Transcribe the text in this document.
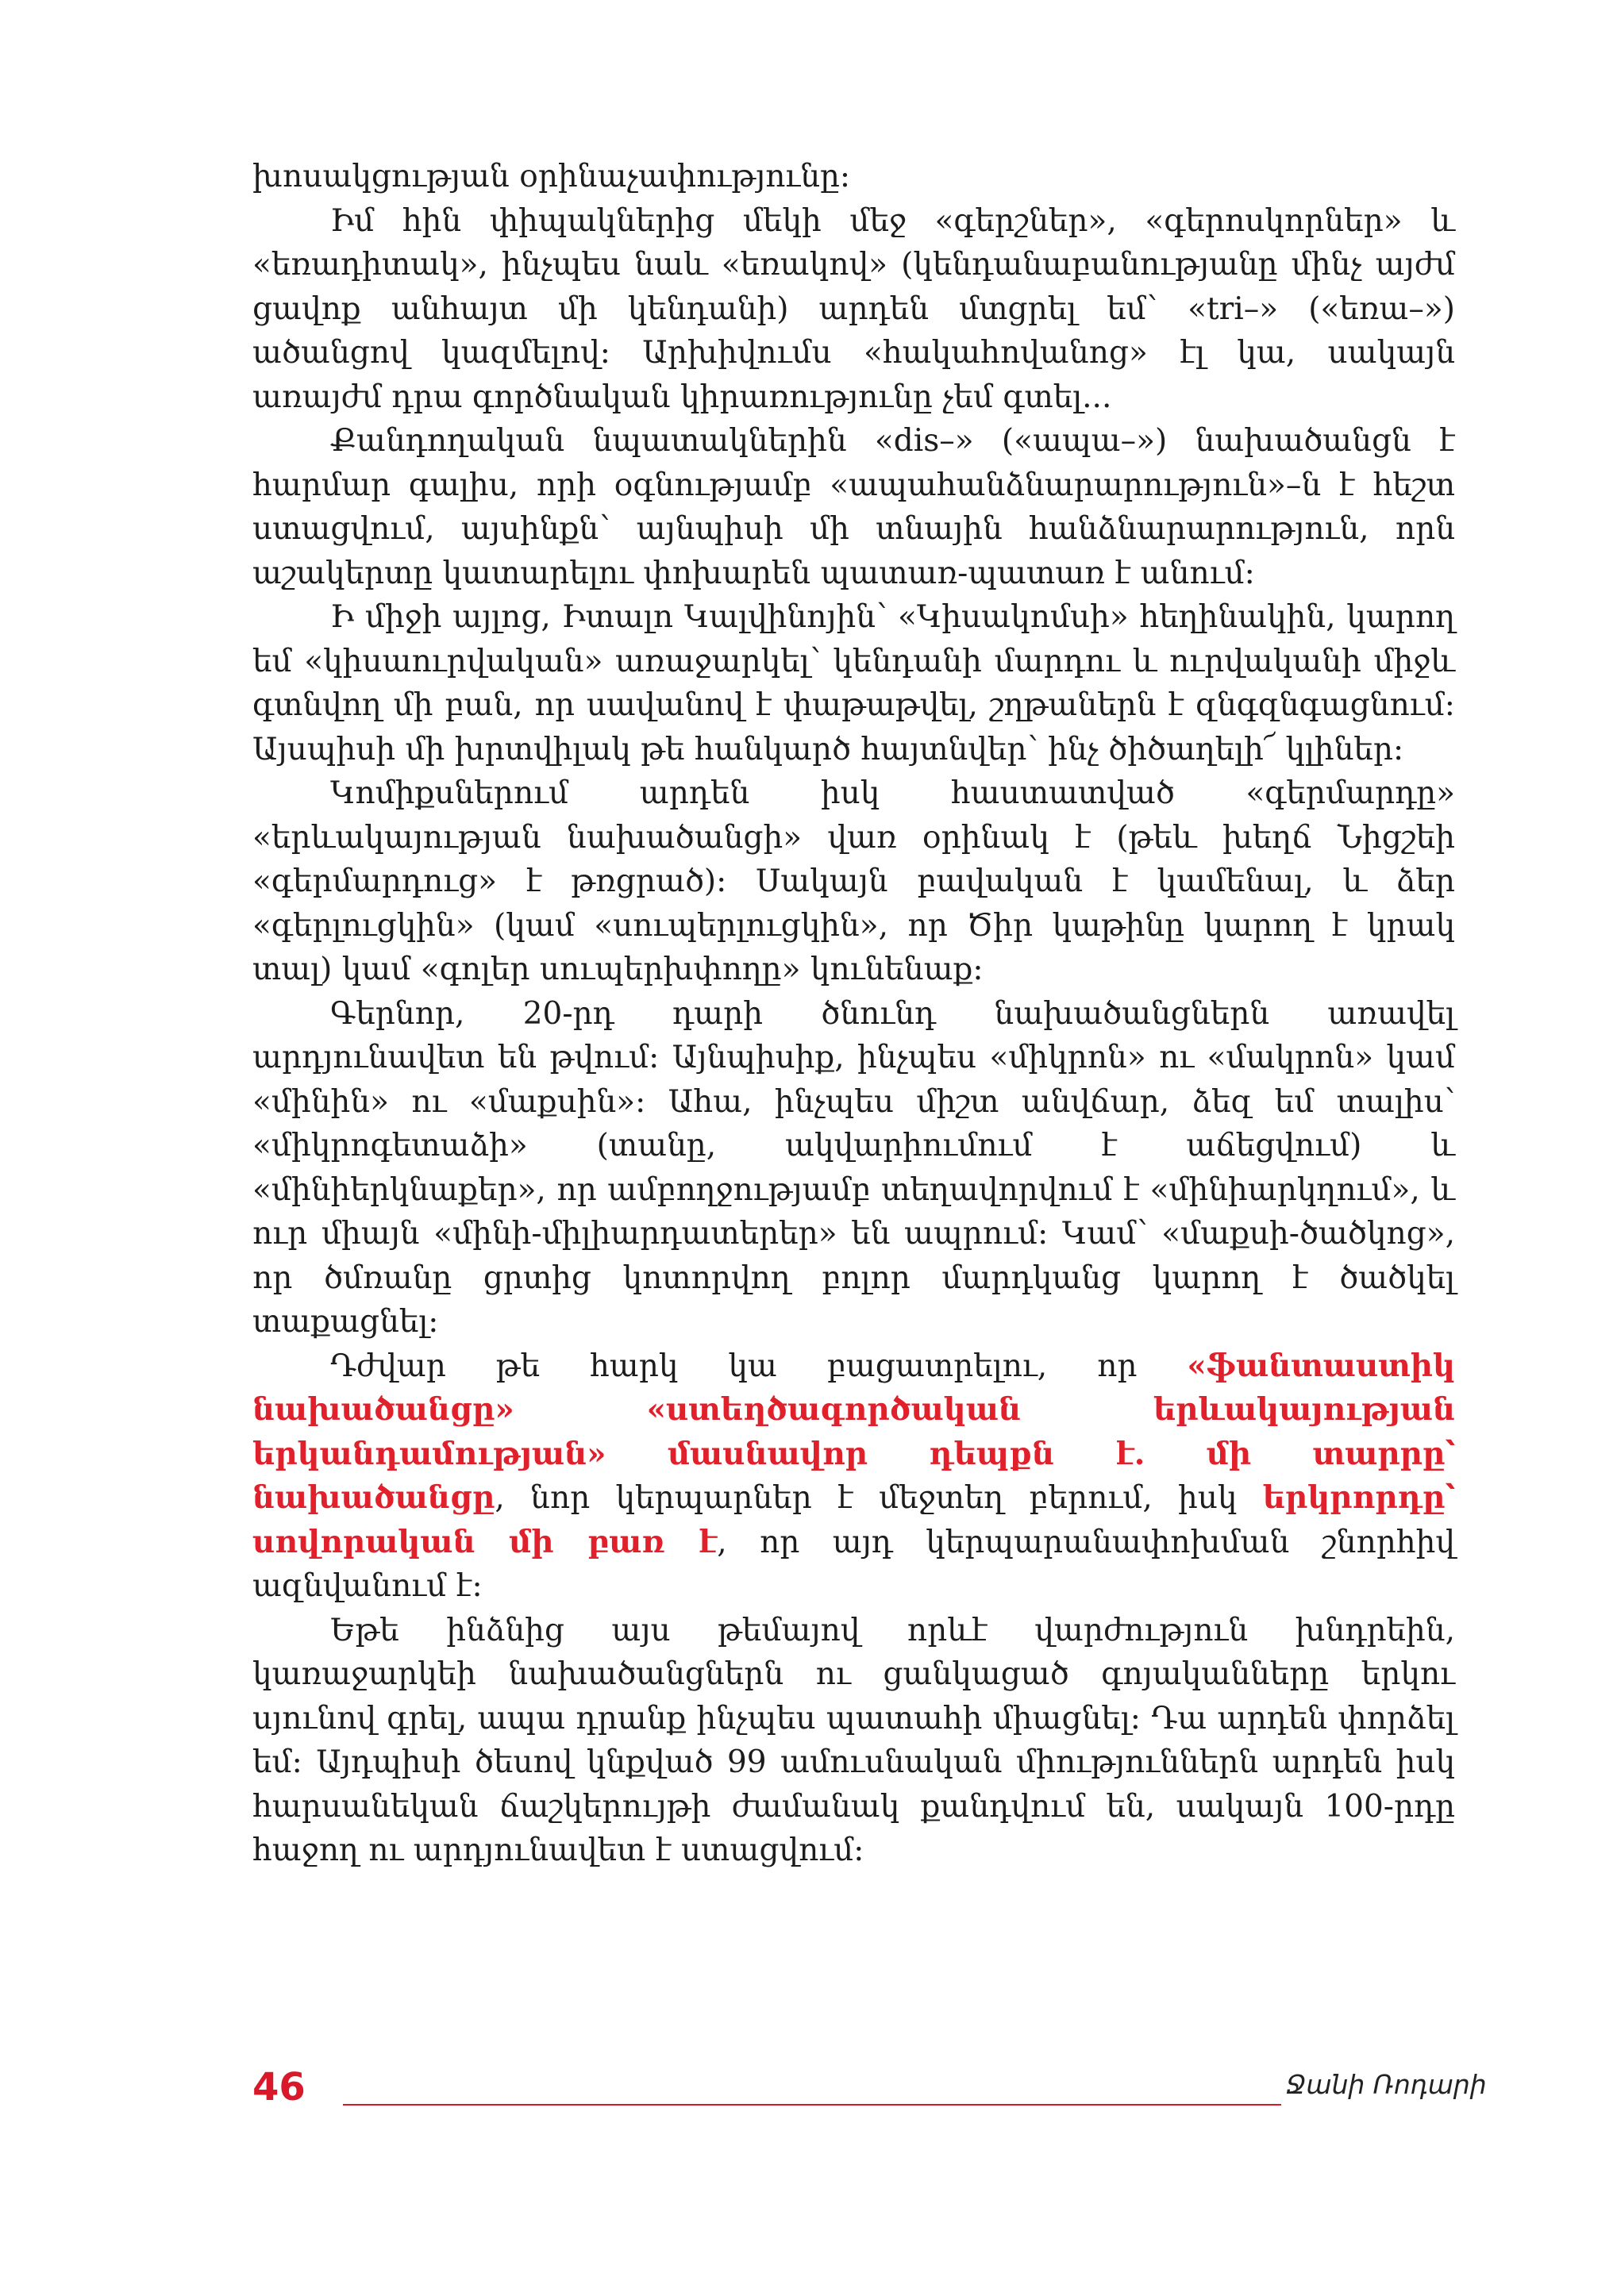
խոսակցության օրինաչափությունը։

Իմ հին փիպակներից մեկի մեջ «գերշներ», «գերոսկորներ» և «եռադիտակ», ինչպես նաև «եռակով» (կենդանաբանությանը մինչ այժմ ցավոք անհայտ մի կենդանի) արդեն մտցրել եմ՝ «tri–» («եռա–») ածանցով կազմելով։ Արխիվումս «հակահովանոց» էլ կա, սակայն առայժմ դրա գործնական կիրառությունը չեմ գտել...

Քանդողական նպատակներին «dis–» («ապա–») նախածանցն է հարմար գալիս, որի օգնությամբ «ապահանձնարարություն»–ն է հեշտ ստացվում, այսինքն՝ այնպիսի մի տնային հանձնարարություն, որն աշակերտը կատարելու փոխարեն պատառ-պատառ է անում։

Ի միջի այլոց, Իտալո Կալվինոյին՝ «Կիսակոմսի» հեղինակին, կարող եմ «կիսաուրվական» առաջարկել՝ կենդանի մարդու և ուրվականի միջև գտնվող մի բան, որ սավանով է փաթաթվել, շղթաներն է զնգզնգացնում։ Այսպիսի մի խրտվիլակ թե հանկարծ հայտնվեր՝ ինչ ծիծաղելի՜ կլիներ։

Կոմիքսներում արդեն իսկ հաստատված «գերմարդը» «երևակայության նախածանցի» վառ օրինակ է (թեև խեղճ Նիցշեի «գերմարդուց» է թռցրած)։ Սակայն բավական է կամենալ, և ձեր «գերլուցկին» (կամ «սուպերլուցկին», որ Ծիր կաթինը կարող է կրակ տալ) կամ «գոլեր սուպերխփողը» կունենաք։

Գերնոր, 20-րդ դարի ծնունդ նախածանցներն առավել արդյունավետ են թվում։ Այնպիսիք, ինչպես «միկրոն» ու «մակրոն» կամ «մինին» ու «մաքսին»։ Ահա, ինչպես միշտ անվճար, ձեզ եմ տալիս՝ «միկրոգետաձի» (տանը, ակվարիումում է աճեցվում) և «մինիերկնաքեր», որ ամբողջությամբ տեղավորվում է «մինիարկղում», և ուր միայն «մինի-միլիարդատերեր» են ապրում։ Կամ՝ «մաքսի-ծածկոց», որ ծմռանը ցրտից կոտորվող բոլոր մարդկանց կարող է ծածկել տաքացնել։

Դժվար թե հարկ կա բացատրելու, որ «ֆանտաստիկ նախածանցը» «ստեղծագործական երևակայության երկանդամության» մասնավոր դեպքն է. մի տարրը՝ նախածանցը, նոր կերպարներ է մեջտեղ բերում, իսկ երկրորդը՝ սովորական մի բառ է, որ այդ կերպարանափոխման շնորհիվ ազնվանում է։

Եթե ինձնից այս թեմայով որևէ վարժություն խնդրեին, կառաջարկեի նախածանցներն ու ցանկացած գոյականները երկու սյունով գրել, ապա դրանք ինչպես պատահի միացնել։ Դա արդեն փորձել եմ։ Այդպիսի ծեսով կնքված 99 ամուսնական միություններն արդեն իսկ հարսանեկան ճաշկերույթի ժամանակ քանդվում են, սակայն 100-րդը հաջող ու արդյունավետ է ստացվում։

46	Ջանի Ռոդարի
